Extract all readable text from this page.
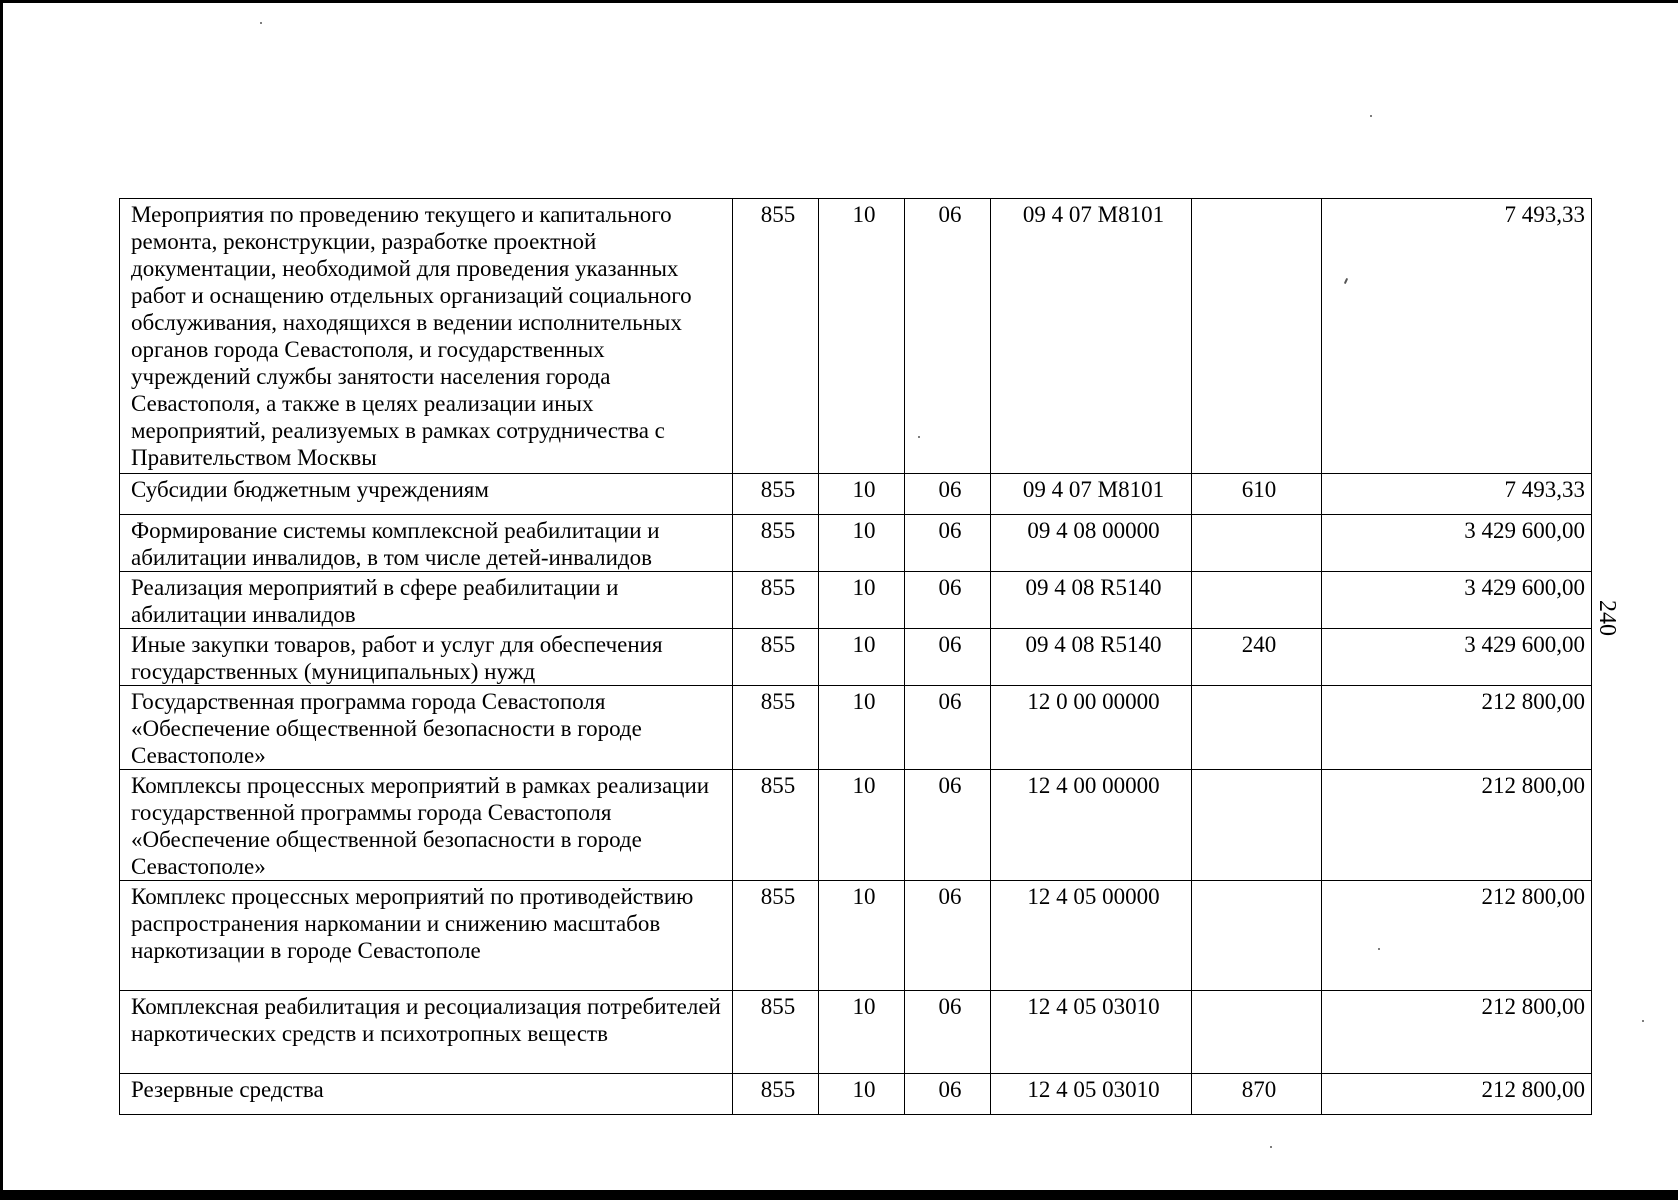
240
Мероприятия по проведению текущего и капитального ремонта, реконструкции, разработке проектной документации, необходимой для проведения указанных работ и оснащению отдельных организаций социального обслуживания, находящихся в ведении исполнительных органов города Севастополя, и государственных учреждений службы занятости населения города Севастополя, а также в целях реализации иных мероприятий, реализуемых в рамках сотрудничества с Правительством Москвы	855	10	06	09 4 07 M8101		7 493,33
Субсидии бюджетным учреждениям	855	10	06	09 4 07 M8101	610	7 493,33
Формирование системы комплексной реабилитации и абилитации инвалидов, в том числе детей-инвалидов	855	10	06	09 4 08 00000		3 429 600,00
Реализация мероприятий в сфере реабилитации и абилитации инвалидов	855	10	06	09 4 08 R5140		3 429 600,00
Иные закупки товаров, работ и услуг для обеспечения государственных (муниципальных) нужд	855	10	06	09 4 08 R5140	240	3 429 600,00
Государственная программа города Севастополя «Обеспечение общественной безопасности в городе Севастополе»	855	10	06	12 0 00 00000		212 800,00
Комплексы процессных мероприятий в рамках реализации государственной программы города Севастополя «Обеспечение общественной безопасности в городе Севастополе»	855	10	06	12 4 00 00000		212 800,00
Комплекс процессных мероприятий по противодействию распространения наркомании и снижению масштабов наркотизации в городе Севастополе	855	10	06	12 4 05 00000		212 800,00
Комплексная реабилитация и ресоциализация потребителей наркотических средств и психотропных веществ	855	10	06	12 4 05 03010		212 800,00
Резервные средства	855	10	06	12 4 05 03010	870	212 800,00
